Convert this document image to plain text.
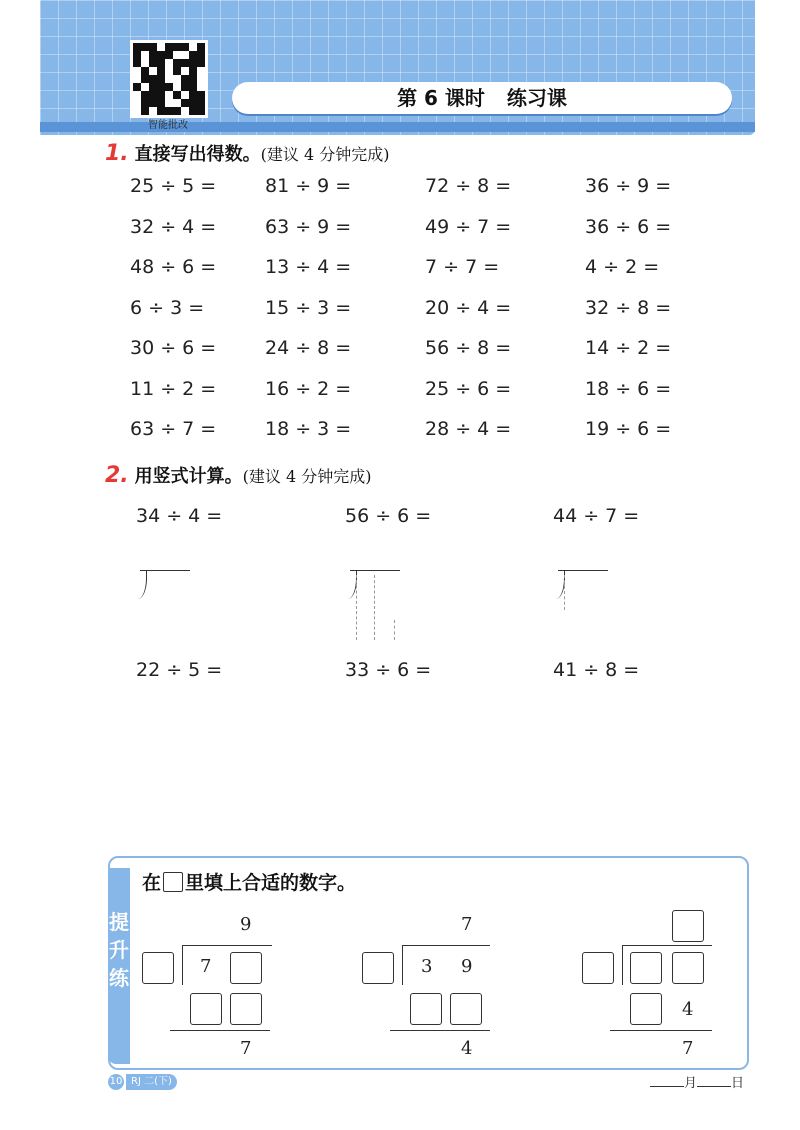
智能批改
第 6 课时 练习课
1. 直接写出得数。(建议 4 分钟完成)
25 ÷ 5 =	81 ÷ 9 =	72 ÷ 8 =	36 ÷ 9 =
32 ÷ 4 =	63 ÷ 9 =	49 ÷ 7 =	36 ÷ 6 =
48 ÷ 6 =	13 ÷ 4 =	7 ÷ 7 =	4 ÷ 2 =
6 ÷ 3 =	15 ÷ 3 =	20 ÷ 4 =	32 ÷ 8 =
30 ÷ 6 =	24 ÷ 8 =	56 ÷ 8 =	14 ÷ 2 =
11 ÷ 2 =	16 ÷ 2 =	25 ÷ 6 =	18 ÷ 6 =
63 ÷ 7 =	18 ÷ 3 =	28 ÷ 4 =	19 ÷ 6 =
2. 用竖式计算。(建议 4 分钟完成)
34 ÷ 4 =	56 ÷ 6 =	44 ÷ 7 =
22 ÷ 5 =	33 ÷ 6 =	41 ÷ 8 =
提升练
在 里填上合适的数字。
9
7
7
7
3 9
4
4
7
10 RJ 二(下)	月	日
